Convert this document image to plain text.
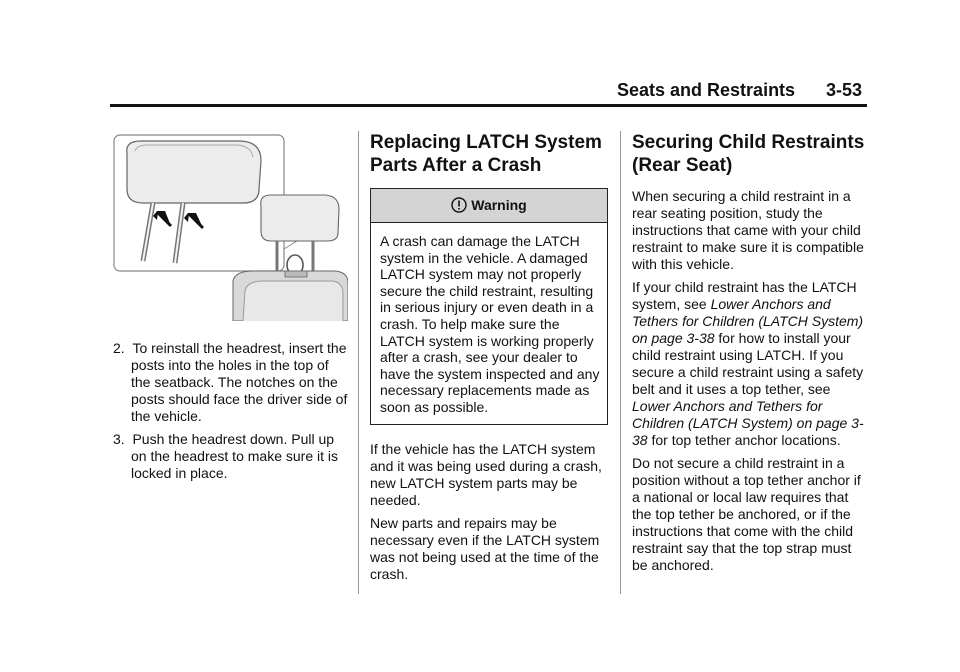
Seats and Restraints 3-53
2. To reinstall the headrest, insert the posts into the holes in the top of the seatback. The notches on the posts should face the driver side of the vehicle.
3. Push the headrest down. Pull up on the headrest to make sure it is locked in place.
Replacing LATCH System Parts After a Crash
Warning
A crash can damage the LATCH system in the vehicle. A damaged LATCH system may not properly secure the child restraint, resulting in serious injury or even death in a crash. To help make sure the LATCH system is working properly after a crash, see your dealer to have the system inspected and any necessary replacements made as soon as possible.

If the vehicle has the LATCH system and it was being used during a crash, new LATCH system parts may be needed.

New parts and repairs may be necessary even if the LATCH system was not being used at the time of the crash.

Securing Child Restraints (Rear Seat)

When securing a child restraint in a rear seating position, study the instructions that came with your child restraint to make sure it is compatible with this vehicle.

If your child restraint has the LATCH system, see Lower Anchors and Tethers for Children (LATCH System) on page 3-38 for how to install your child restraint using LATCH. If you secure a child restraint using a safety belt and it uses a top tether, see Lower Anchors and Tethers for Children (LATCH System) on page 3-38 for top tether anchor locations.

Do not secure a child restraint in a position without a top tether anchor if a national or local law requires that the top tether be anchored, or if the instructions that come with the child restraint say that the top strap must be anchored.
